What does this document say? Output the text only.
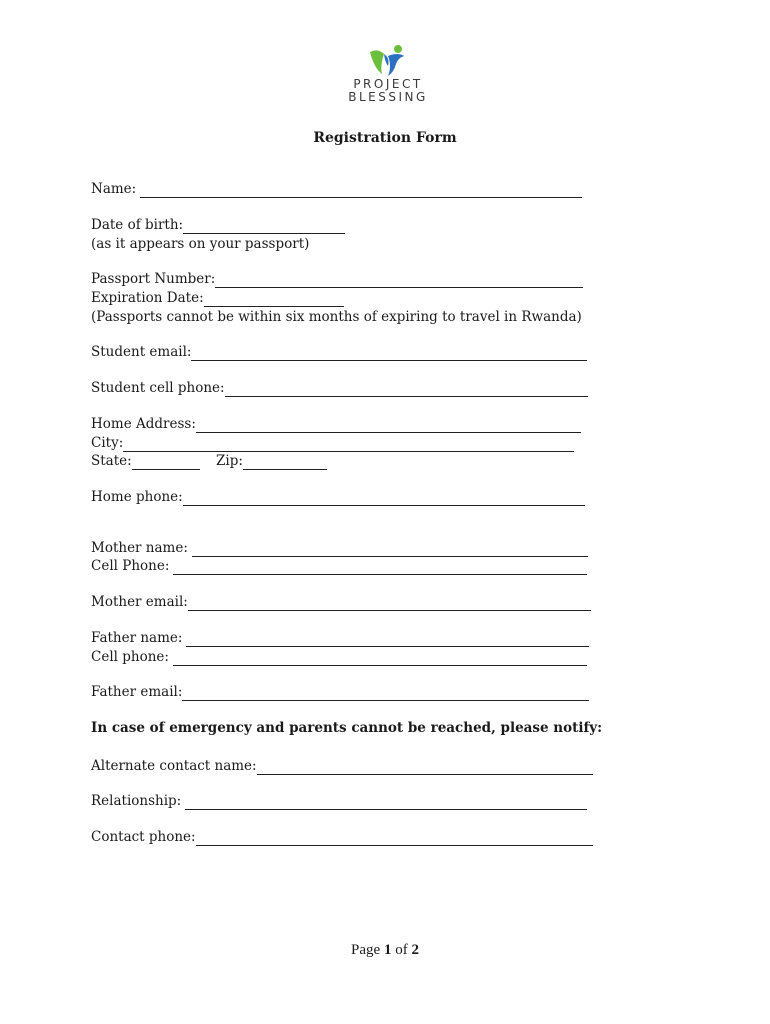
PROJECT
BLESSING
Registration Form
Name:
Date of birth:
(as it appears on your passport)
Passport Number:
Expiration Date:
(Passports cannot be within six months of expiring to travel in Rwanda)
Student email:
Student cell phone:
Home Address:
City:
State:	Zip:
Home phone:
Mother name:
Cell Phone:
Mother email:
Father name:
Cell phone:
Father email:
In case of emergency and parents cannot be reached, please notify:
Alternate contact name:
Relationship:
Contact phone:
Page 1 of 2
